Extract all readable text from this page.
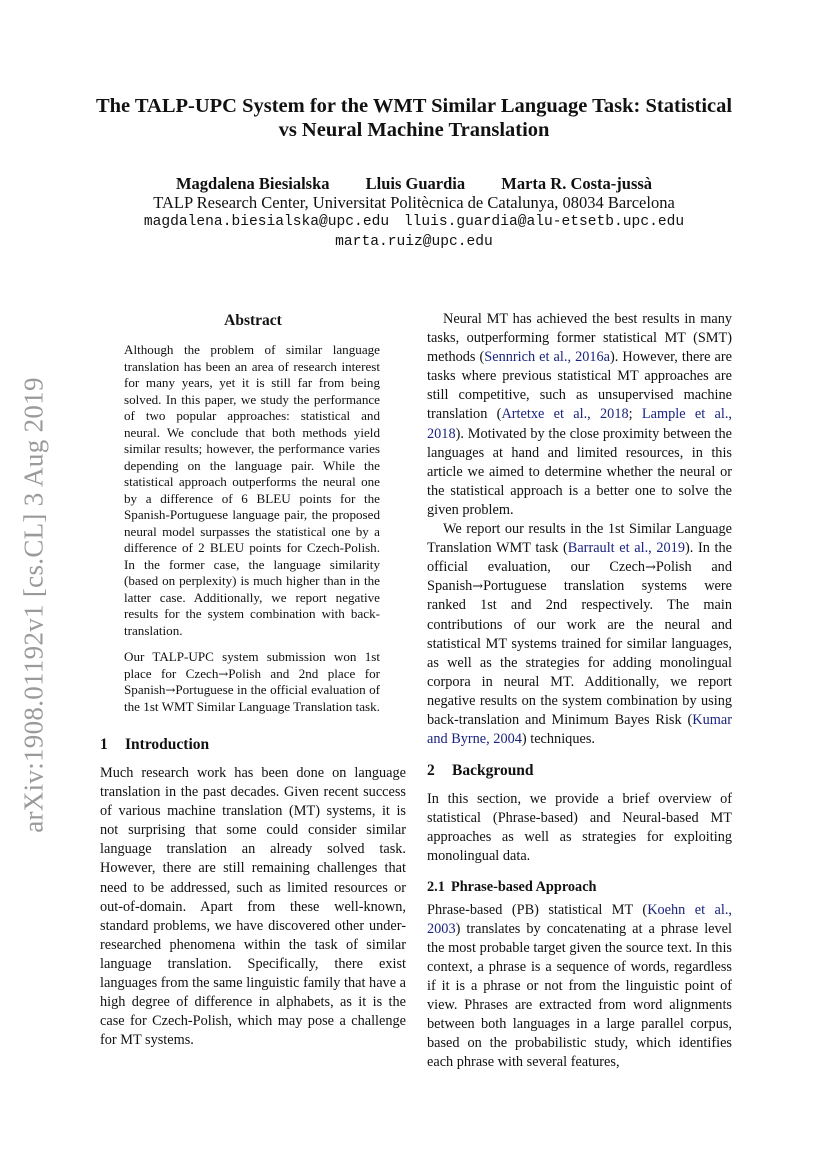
arXiv:1908.01192v1 [cs.CL] 3 Aug 2019
The TALP-UPC System for the WMT Similar Language Task: Statistical
vs Neural Machine Translation
Magdalena Biesialska Lluis Guardia Marta R. Costa-jussà
TALP Research Center, Universitat Politècnica de Catalunya, 08034 Barcelona
magdalena.biesialska@upc.edu lluis.guardia@alu-etsetb.upc.edu
marta.ruiz@upc.edu
Abstract

Although the problem of similar language translation has been an area of research interest for many years, yet it is still far from being solved. In this paper, we study the performance of two popular approaches: statistical and neural. We conclude that both methods yield similar results; however, the performance varies depending on the language pair. While the statistical approach outperforms the neural one by a difference of 6 BLEU points for the Spanish-Portuguese language pair, the proposed neural model surpasses the statistical one by a difference of 2 BLEU points for Czech-Polish. In the former case, the language similarity (based on perplexity) is much higher than in the latter case. Additionally, we report negative results for the system combination with back-translation.

Our TALP-UPC system submission won 1st place for Czech→Polish and 2nd place for Spanish→Portuguese in the official evaluation of the 1st WMT Similar Language Translation task.

1 Introduction

Much research work has been done on language translation in the past decades. Given recent success of various machine translation (MT) systems, it is not surprising that some could consider similar language translation an already solved task. However, there are still remaining challenges that need to be addressed, such as limited resources or out-of-domain. Apart from these well-known, standard problems, we have discovered other under-researched phenomena within the task of similar language translation. Specifically, there exist languages from the same linguistic family that have a high degree of difference in alphabets, as it is the case for Czech-Polish, which may pose a challenge for MT systems.

Neural MT has achieved the best results in many tasks, outperforming former statistical MT (SMT) methods (Sennrich et al., 2016a). However, there are tasks where previous statistical MT approaches are still competitive, such as unsupervised machine translation (Artetxe et al., 2018; Lample et al., 2018). Motivated by the close proximity between the languages at hand and limited resources, in this article we aimed to determine whether the neural or the statistical approach is a better one to solve the given problem.

We report our results in the 1st Similar Language Translation WMT task (Barrault et al., 2019). In the official evaluation, our Czech→Polish and Spanish→Portuguese translation systems were ranked 1st and 2nd respectively. The main contributions of our work are the neural and statistical MT systems trained for similar languages, as well as the strategies for adding monolingual corpora in neural MT. Additionally, we report negative results on the system combination by using back-translation and Minimum Bayes Risk (Kumar and Byrne, 2004) techniques.

2 Background

In this section, we provide a brief overview of statistical (Phrase-based) and Neural-based MT approaches as well as strategies for exploiting monolingual data.

2.1 Phrase-based Approach

Phrase-based (PB) statistical MT (Koehn et al., 2003) translates by concatenating at a phrase level the most probable target given the source text. In this context, a phrase is a sequence of words, regardless if it is a phrase or not from the linguistic point of view. Phrases are extracted from word alignments between both languages in a large parallel corpus, based on the probabilistic study, which identifies each phrase with several features,
